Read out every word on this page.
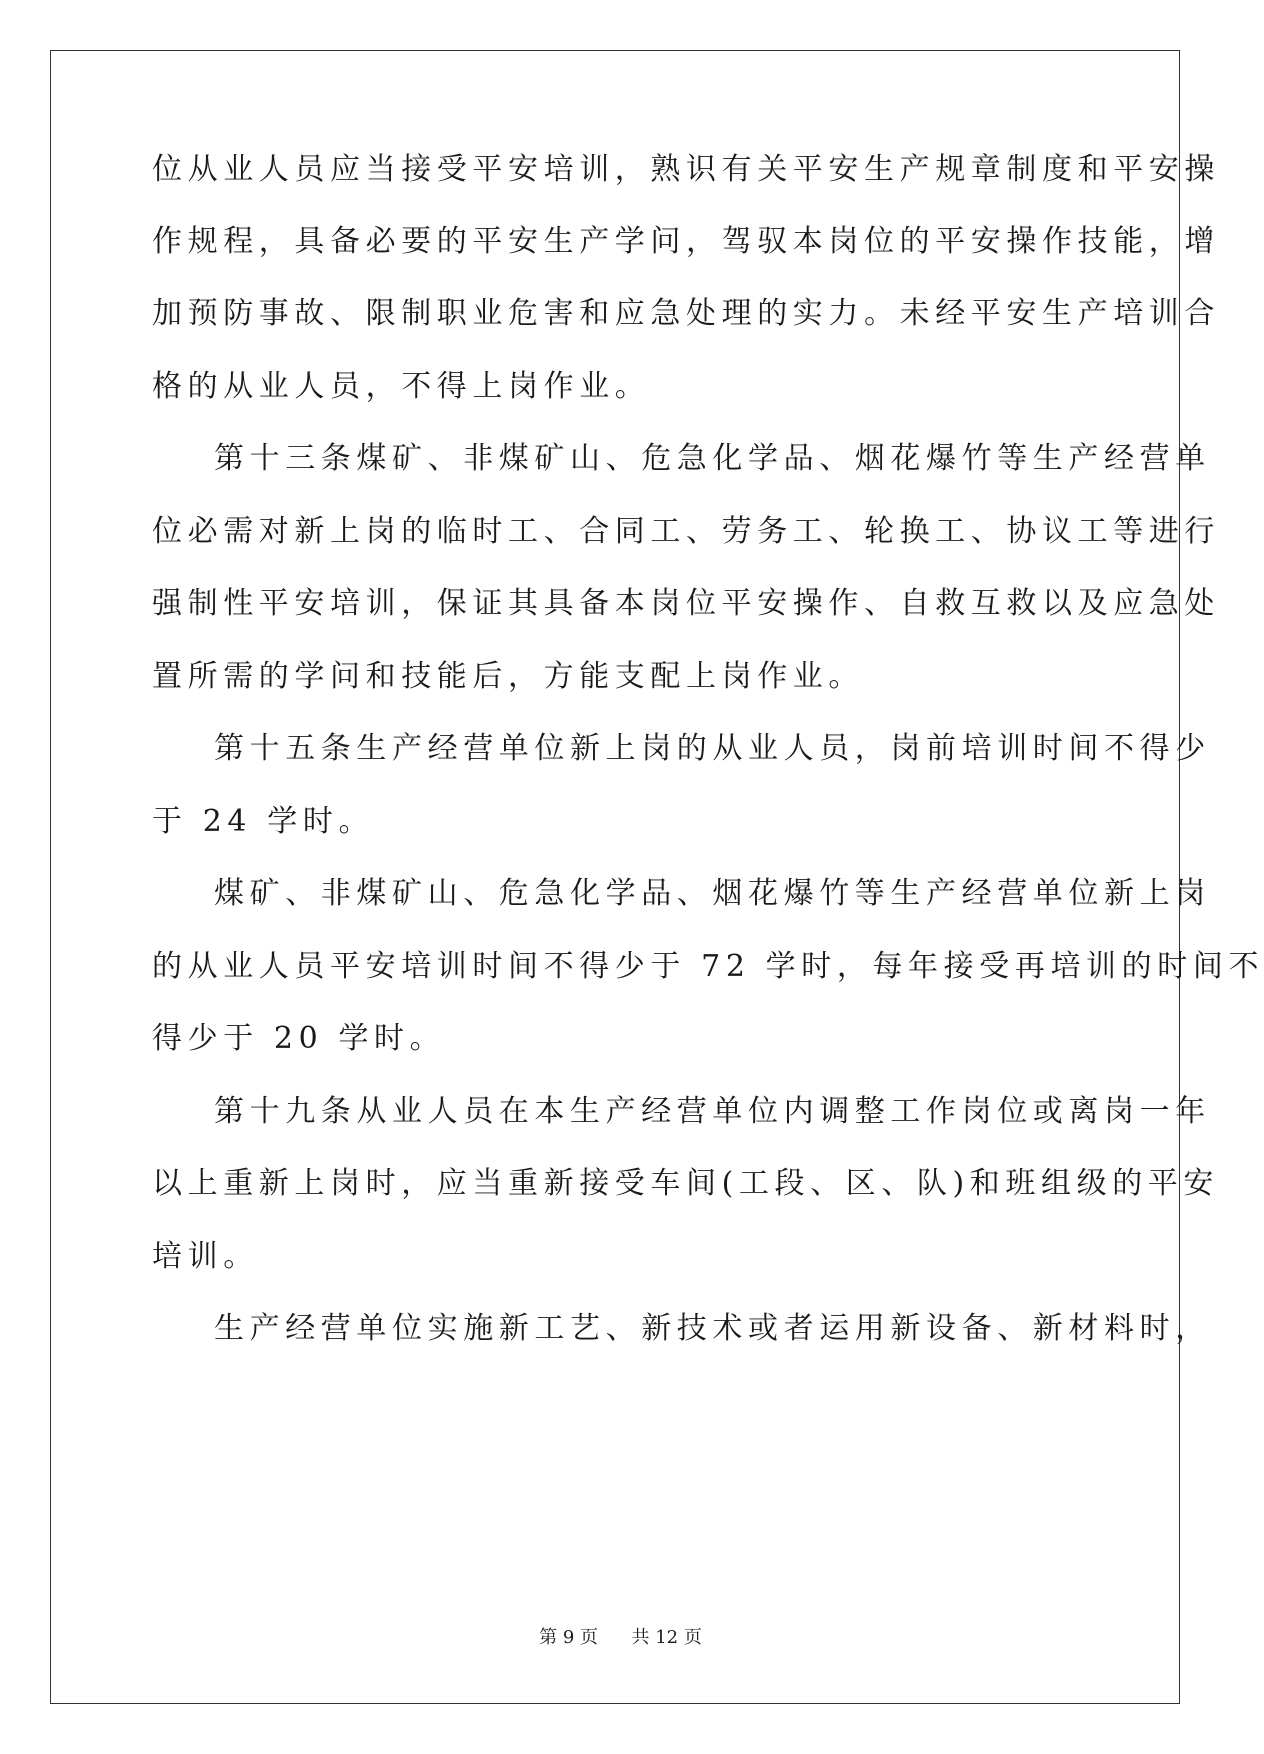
位从业人员应当接受平安培训，熟识有关平安生产规章制度和平安操
作规程，具备必要的平安生产学问，驾驭本岗位的平安操作技能，增
加预防事故、限制职业危害和应急处理的实力。未经平安生产培训合
格的从业人员，不得上岗作业。
第十三条煤矿、非煤矿山、危急化学品、烟花爆竹等生产经营单
位必需对新上岗的临时工、合同工、劳务工、轮换工、协议工等进行
强制性平安培训，保证其具备本岗位平安操作、自救互救以及应急处
置所需的学问和技能后，方能支配上岗作业。
第十五条生产经营单位新上岗的从业人员，岗前培训时间不得少
于 24 学时。
煤矿、非煤矿山、危急化学品、烟花爆竹等生产经营单位新上岗
的从业人员平安培训时间不得少于 72 学时，每年接受再培训的时间不
得少于 20 学时。
第十九条从业人员在本生产经营单位内调整工作岗位或离岗一年
以上重新上岗时，应当重新接受车间(工段、区、队)和班组级的平安
培训。
生产经营单位实施新工艺、新技术或者运用新设备、新材料时，
第 9 页 共 12 页
